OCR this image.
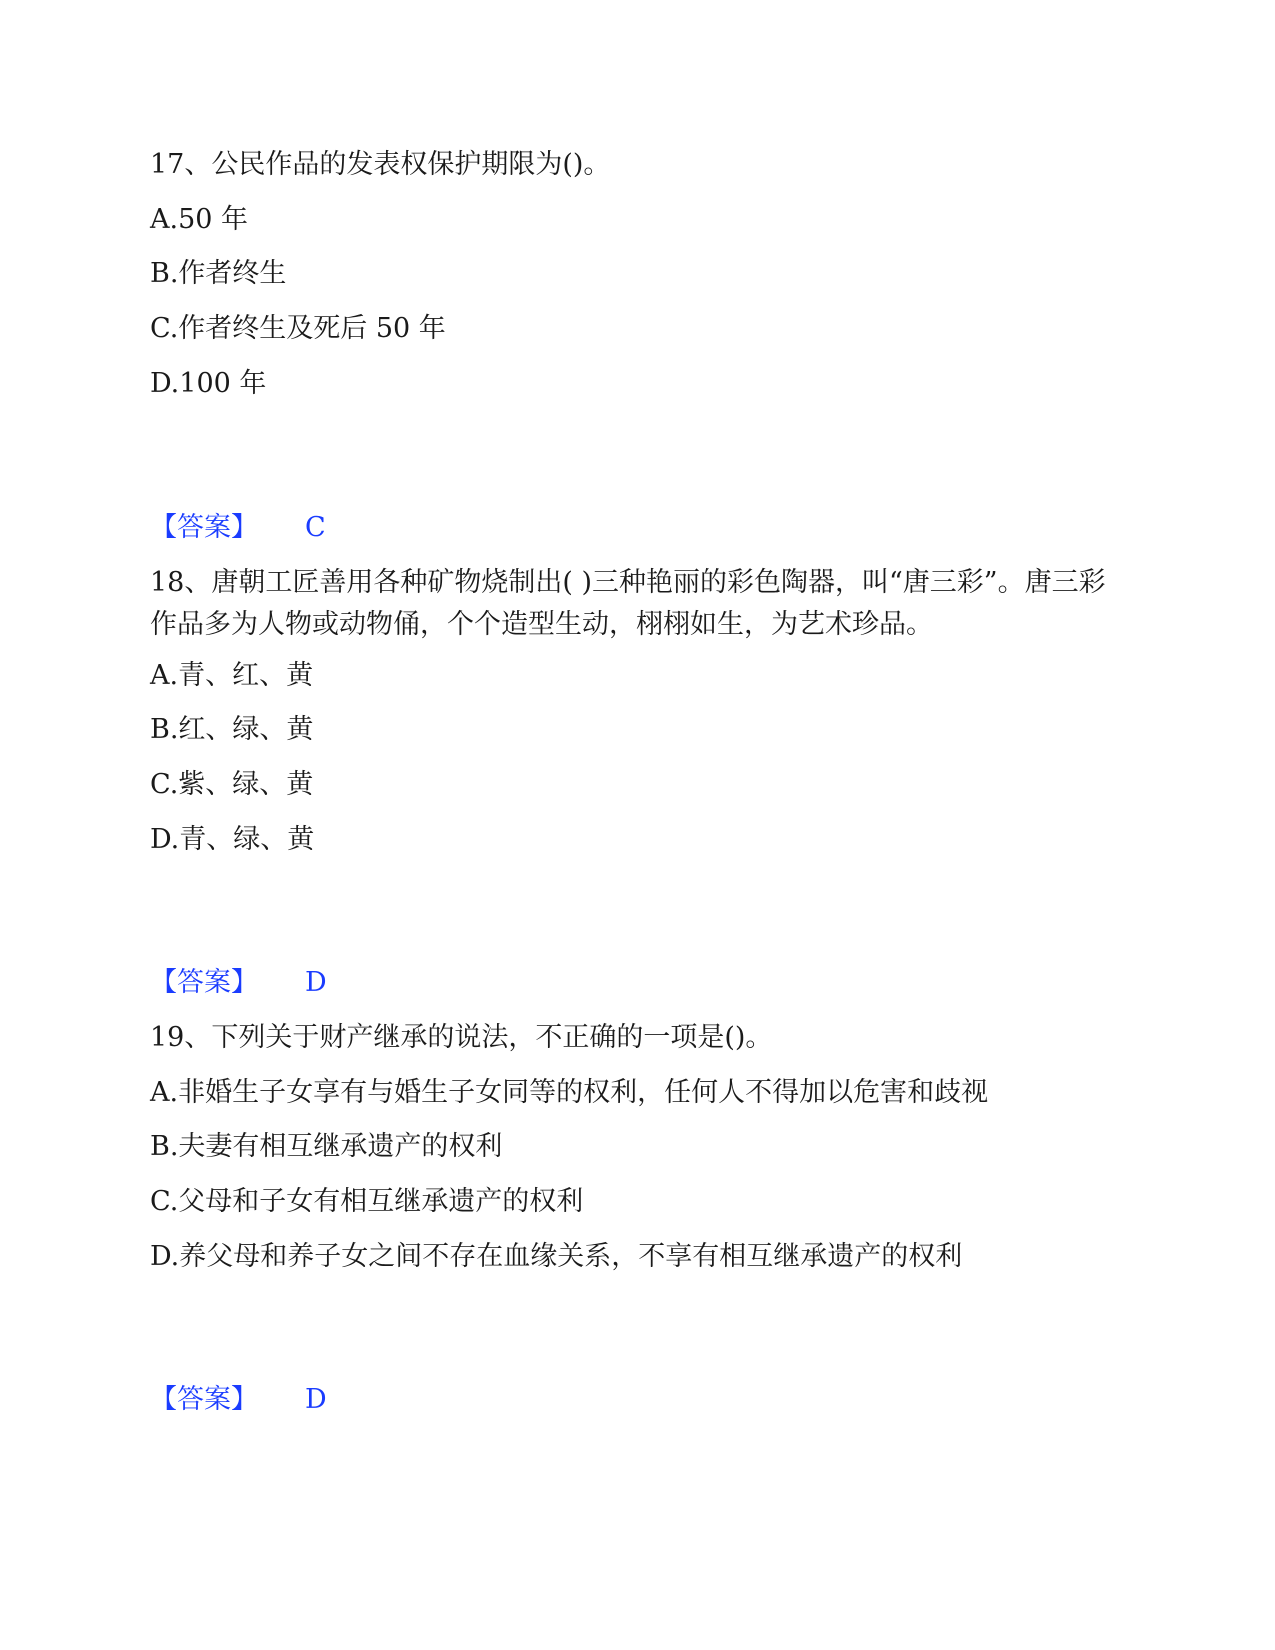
17、公民作品的发表权保护期限为()。
A.50 年
B.作者终生
C.作者终生及死后 50 年
D.100 年
【答案】 C
18、唐朝工匠善用各种矿物烧制出( )三种艳丽的彩色陶器，叫“唐三彩”。唐三彩作品多为人物或动物俑，个个造型生动，栩栩如生，为艺术珍品。
A.青、红、黄
B.红、绿、黄
C.紫、绿、黄
D.青、绿、黄
【答案】 D
19、下列关于财产继承的说法，不正确的一项是()。
A.非婚生子女享有与婚生子女同等的权利，任何人不得加以危害和歧视
B.夫妻有相互继承遗产的权利
C.父母和子女有相互继承遗产的权利
D.养父母和养子女之间不存在血缘关系，不享有相互继承遗产的权利
【答案】 D
